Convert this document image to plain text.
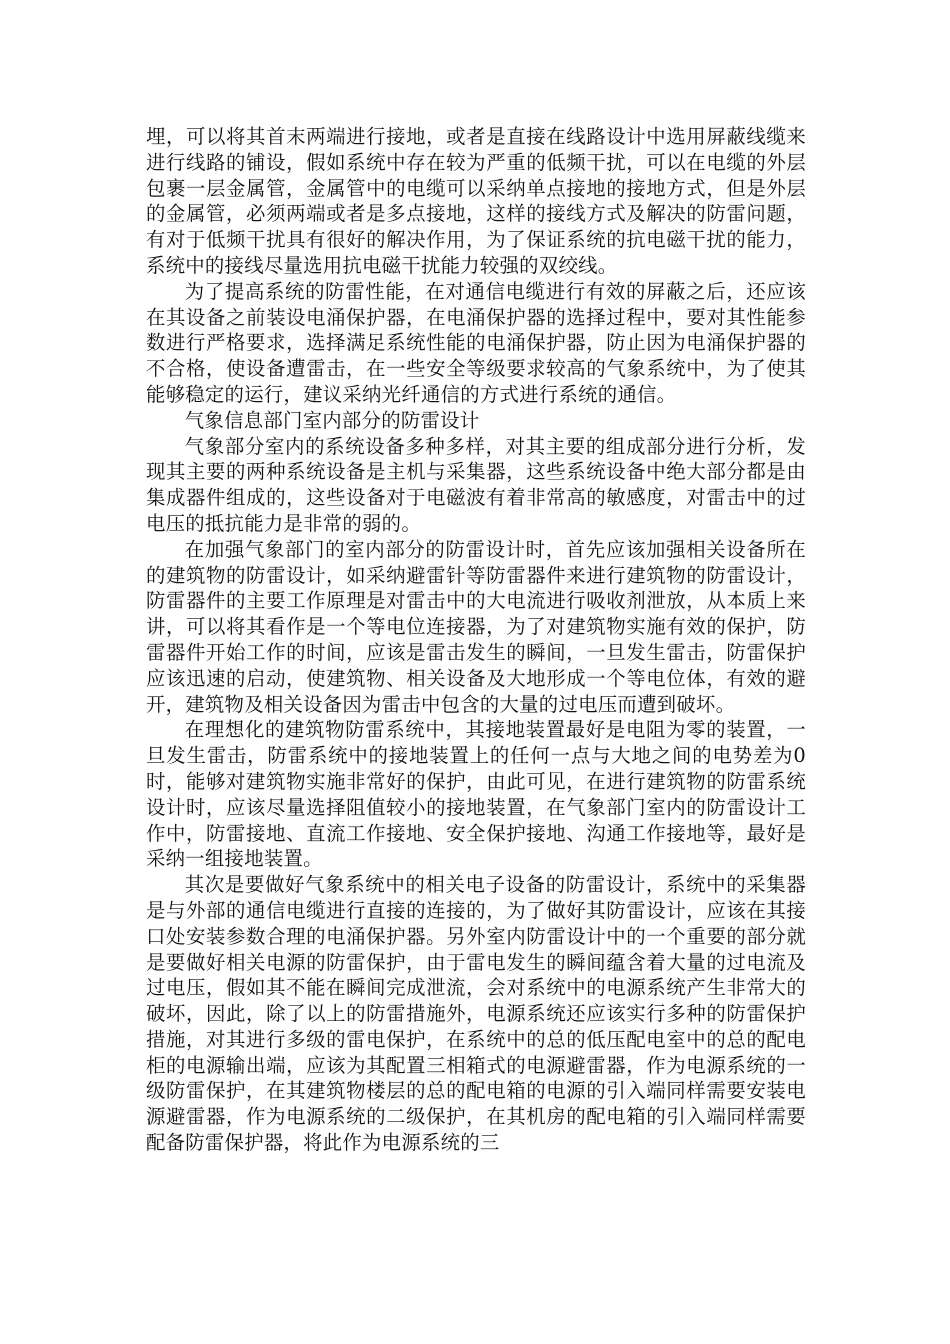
埋，可以将其首末两端进行接地，或者是直接在线路设计中选用屏蔽线缆来进行线路的铺设，假如系统中存在较为严重的低频干扰，可以在电缆的外层包裹一层金属管，金属管中的电缆可以采纳单点接地的接地方式，但是外层的金属管，必须两端或者是多点接地，这样的接线方式及解决的防雷问题，有对于低频干扰具有很好的解决作用，为了保证系统的抗电磁干扰的能力，系统中的接线尽量选用抗电磁干扰能力较强的双绞线。

为了提高系统的防雷性能，在对通信电缆进行有效的屏蔽之后，还应该在其设备之前装设电涌保护器，在电涌保护器的选择过程中，要对其性能参数进行严格要求，选择满足系统性能的电涌保护器，防止因为电涌保护器的不合格，使设备遭雷击，在一些安全等级要求较高的气象系统中，为了使其能够稳定的运行，建议采纳光纤通信的方式进行系统的通信。

气象信息部门室内部分的防雷设计

气象部分室内的系统设备多种多样，对其主要的组成部分进行分析，发现其主要的两种系统设备是主机与采集器，这些系统设备中绝大部分都是由集成器件组成的，这些设备对于电磁波有着非常高的敏感度，对雷击中的过电压的抵抗能力是非常的弱的。

在加强气象部门的室内部分的防雷设计时，首先应该加强相关设备所在的建筑物的防雷设计，如采纳避雷针等防雷器件来进行建筑物的防雷设计，防雷器件的主要工作原理是对雷击中的大电流进行吸收剂泄放，从本质上来讲，可以将其看作是一个等电位连接器，为了对建筑物实施有效的保护，防雷器件开始工作的时间，应该是雷击发生的瞬间，一旦发生雷击，防雷保护应该迅速的启动，使建筑物、相关设备及大地形成一个等电位体，有效的避开，建筑物及相关设备因为雷击中包含的大量的过电压而遭到破坏。

在理想化的建筑物防雷系统中，其接地装置最好是电阻为零的装置，一旦发生雷击，防雷系统中的接地装置上的任何一点与大地之间的电势差为0时，能够对建筑物实施非常好的保护，由此可见，在进行建筑物的防雷系统设计时，应该尽量选择阻值较小的接地装置，在气象部门室内的防雷设计工作中，防雷接地、直流工作接地、安全保护接地、沟通工作接地等，最好是采纳一组接地装置。

其次是要做好气象系统中的相关电子设备的防雷设计，系统中的采集器是与外部的通信电缆进行直接的连接的，为了做好其防雷设计，应该在其接口处安装参数合理的电涌保护器。另外室内防雷设计中的一个重要的部分就是要做好相关电源的防雷保护，由于雷电发生的瞬间蕴含着大量的过电流及过电压，假如其不能在瞬间完成泄流，会对系统中的电源系统产生非常大的破坏，因此，除了以上的防雷措施外，电源系统还应该实行多种的防雷保护措施，对其进行多级的雷电保护，在系统中的总的低压配电室中的总的配电柜的电源输出端，应该为其配置三相箱式的电源避雷器，作为电源系统的一级防雷保护，在其建筑物楼层的总的配电箱的电源的引入端同样需要安装电源避雷器，作为电源系统的二级保护，在其机房的配电箱的引入端同样需要配备防雷保护器，将此作为电源系统的三
